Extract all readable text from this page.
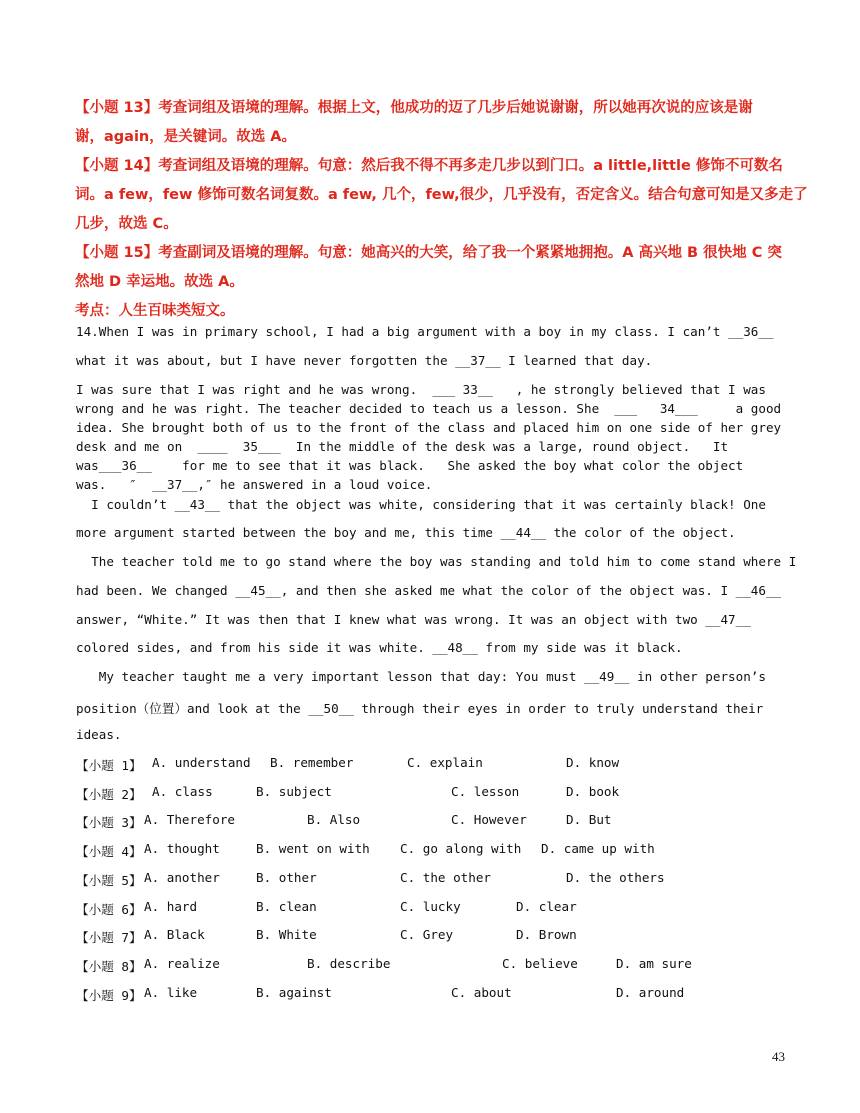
【小题 13】考查词组及语境的理解。根据上文，他成功的迈了几步后她说谢谢，所以她再次说的应该是谢
谢，again，是关键词。故选 A。
【小题 14】考查词组及语境的理解。句意：然后我不得不再多走几步以到门口。a little,little 修饰不可数名
词。a few，few 修饰可数名词复数。a few, 几个，few,很少，几乎没有，否定含义。结合句意可知是又多走了
几步，故选 C。
【小题 15】考查副词及语境的理解。句意：她高兴的大笑，给了我一个紧紧地拥抱。A 高兴地 B 很快地 C 突
然地 D 幸运地。故选 A。
考点：人生百味类短文。
14.When I was in primary school, I had a big argument with a boy in my class. I can’t __36__
what it was about, but I have never forgotten the __37__ I learned that day.
I was sure that I was right and he was wrong.  ___ 33__   , he strongly believed that I was
wrong and he was right. The teacher decided to teach us a lesson. She  ___   34___     a good
idea. She brought both of us to the front of the class and placed him on one side of her grey
desk and me on  ____  35___  In the middle of the desk was a large, round object.   It
was___36__    for me to see that it was black.   She asked the boy what color the object
was.   ″  __37__,″ he answered in a loud voice.
I couldn’t __43__ that the object was white, considering that it was certainly black! One
more argument started between the boy and me, this time __44__ the color of the object.
The teacher told me to go stand where the boy was standing and told him to come stand where I
had been. We changed __45__, and then she asked me what the color of the object was. I __46__
answer, “White.” It was then that I knew what was wrong. It was an object with two __47__
colored sides, and from his side it was white. __48__ from my side was it black.
My teacher taught me a very important lesson that day: You must __49__ in other person’s
position（位置）and look at the __50__ through their eyes in order to truly understand their
ideas.

【小题 1】

A. understand

B. remember

	C. explain

	D. know

【小题 2】

A. class

	B. subject

	C. lesson

	D. book

【小题 3】

A. Therefore

	B. Also

	C. However

	D. But

【小题 4】

A. thought

	B. went on with

C. go along with

D. came up with

【小题 5】

A. another

	B. other

	C. the other

	D. the others

【小题 6】

A. hard

	B. clean

	C. lucky

	D. clear

【小题 7】

A. Black

	B. White

	C. Grey

	D. Brown

【小题 8】

A. realize

	B. describe

	C. believe

	D. am sure

【小题 9】

A. like

	B. against

	C. about

	D. around

43
